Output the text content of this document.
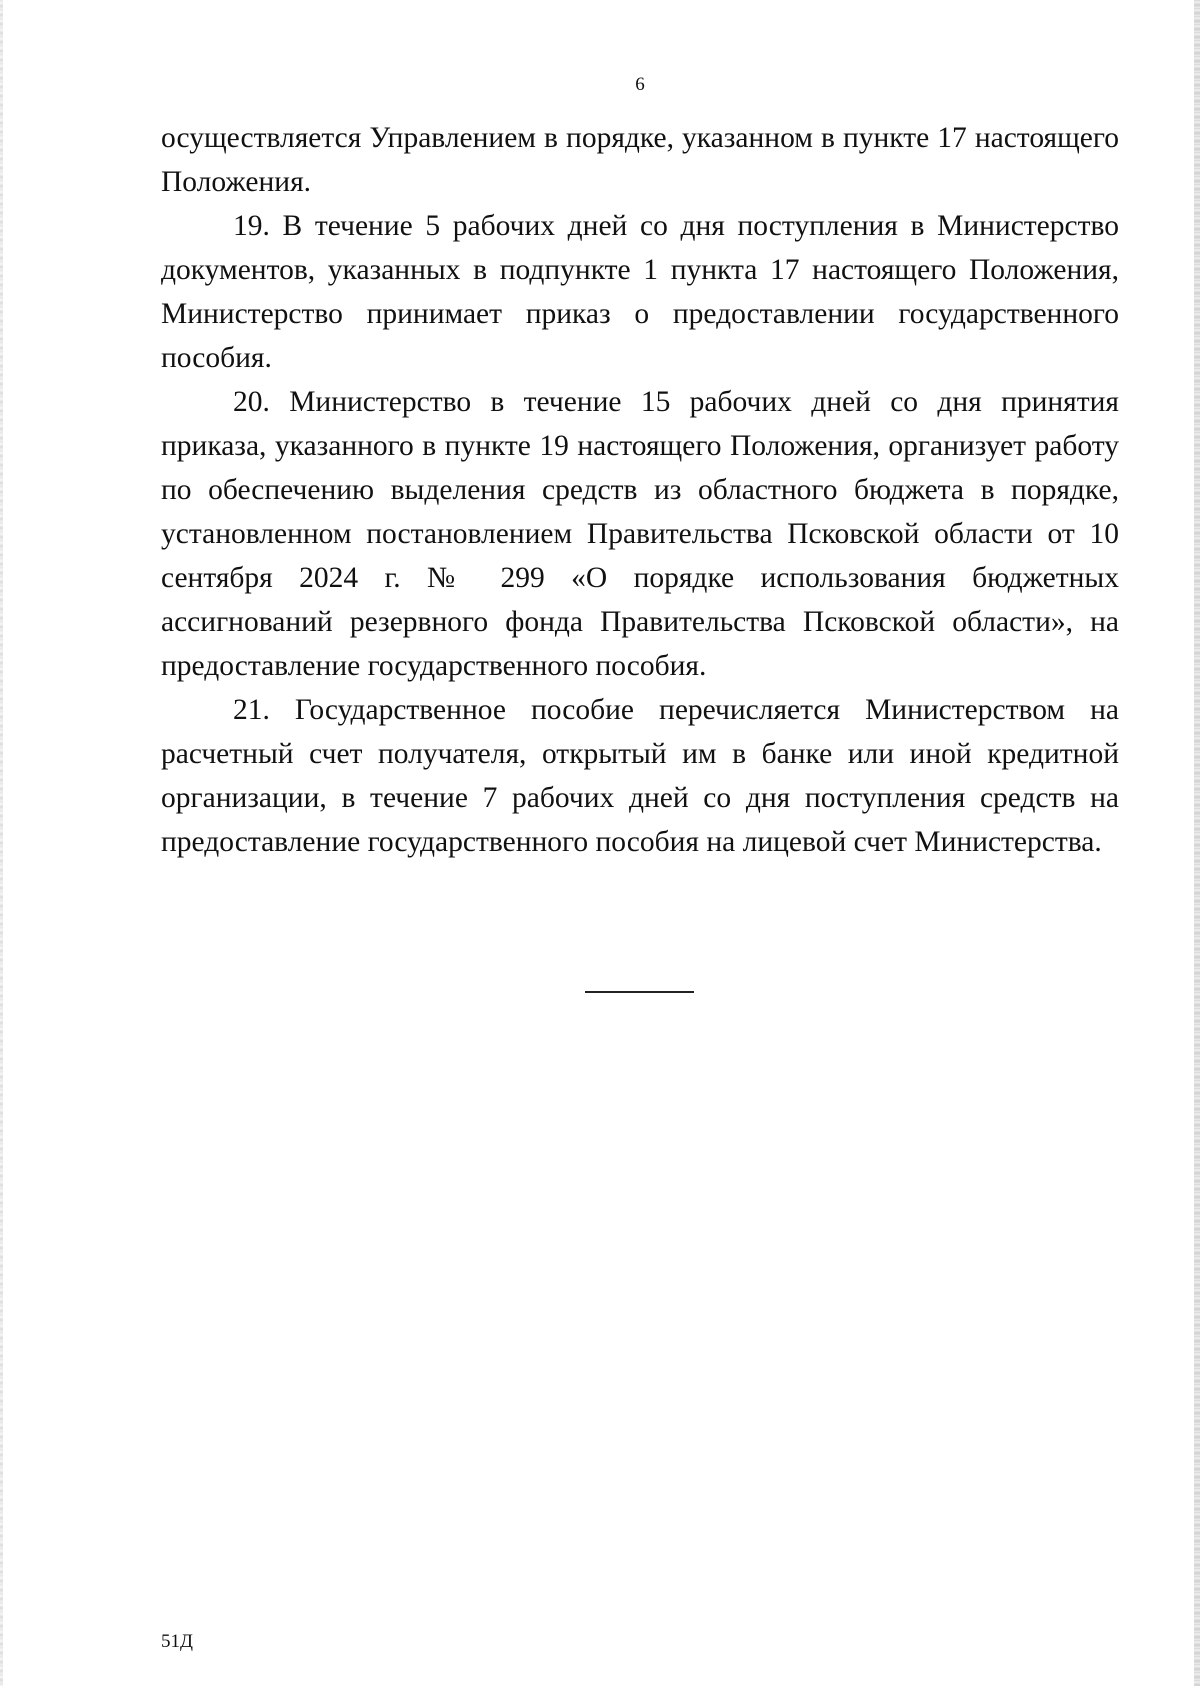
6

осуществляется Управлением в порядке, указанном в пункте 17 настоящего Положения.

19. В течение 5 рабочих дней со дня поступления в Министерство документов, указанных в подпункте 1 пункта 17 настоящего Положения, Министерство принимает приказ о предоставлении государственного пособия.

20. Министерство в течение 15 рабочих дней со дня принятия приказа, указанного в пункте 19 настоящего Положения, организует работу по обеспечению выделения средств из областного бюджета в порядке, установленном постановлением Правительства Псковской области от 10 сентября 2024 г. № 299 «О порядке использования бюджетных ассигнований резервного фонда Правительства Псковской области», на предоставление государственного пособия.

21. Государственное пособие перечисляется Министерством на расчетный счет получателя, открытый им в банке или иной кредитной организации, в течение 7 рабочих дней со дня поступления средств на предоставление государственного пособия на лицевой счет Министерства.

51Д
